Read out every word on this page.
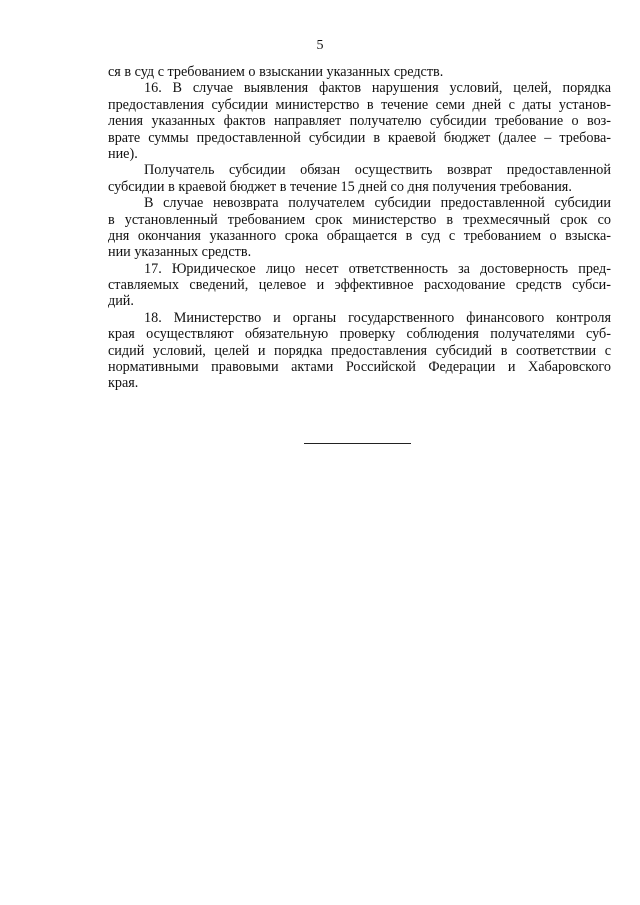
5
ся в суд с требованием о взыскании указанных средств.
16. В случае выявления фактов нарушения условий, целей, порядка
предоставления субсидии министерство в течение семи дней с даты установ-
ления указанных фактов направляет получателю субсидии требование о воз-
врате суммы предоставленной субсидии в краевой бюджет (далее – требова-
ние).
Получатель субсидии обязан осуществить возврат предоставленной
субсидии в краевой бюджет в течение 15 дней со дня получения требования.
В случае невозврата получателем субсидии предоставленной субсидии
в установленный требованием срок министерство в трехмесячный срок со
дня окончания указанного срока обращается в суд с требованием о взыска-
нии указанных средств.
17. Юридическое лицо несет ответственность за достоверность пред-
ставляемых сведений, целевое и эффективное расходование средств субси-
дий.
18. Министерство и органы государственного финансового контроля
края осуществляют обязательную проверку соблюдения получателями суб-
сидий условий, целей и порядка предоставления субсидий в соответствии с
нормативными правовыми актами Российской Федерации и Хабаровского
края.
